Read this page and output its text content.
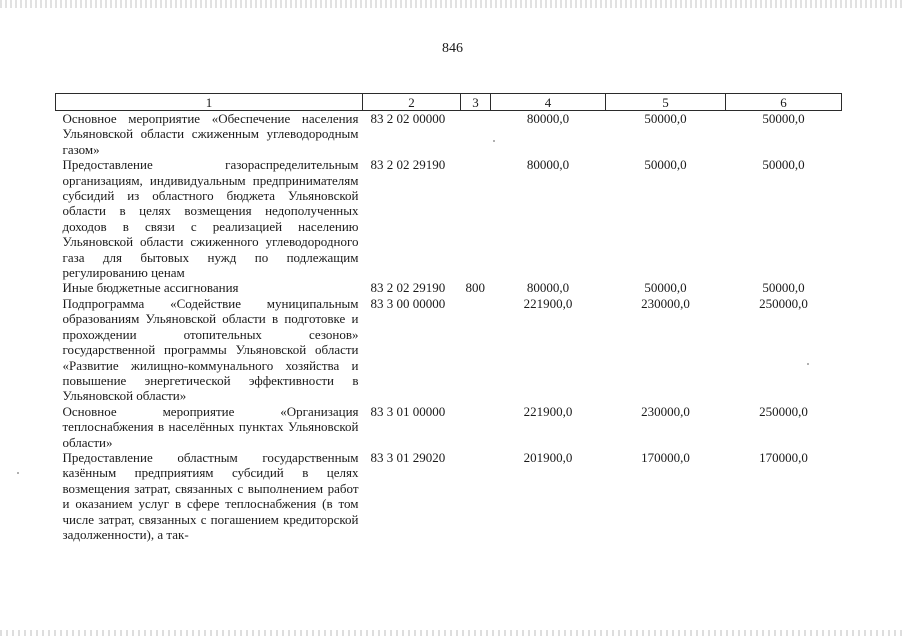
846
1	2	3	4	5	6
Основное мероприятие «Обеспечение населения Ульяновской области сжиженным углеводородным газом»	83 2 02 00000		80000,0	50000,0	50000,0
Предоставление газораспределительным организациям, индивидуальным предпринимателям субсидий из областного бюджета Ульяновской области в целях возмещения недополученных доходов в связи с реализацией населению Ульяновской области сжиженного углеводородного газа для бытовых нужд по подлежащим регулированию ценам	83 2 02 29190		80000,0	50000,0	50000,0
Иные бюджетные ассигнования	83 2 02 29190	800	80000,0	50000,0	50000,0
Подпрограмма «Содействие муниципальным образованиям Ульяновской области в подготовке и прохождении отопительных сезонов» государственной программы Ульяновской области «Развитие жилищно-коммунального хозяйства и повышение энергетической эффективности в Ульяновской области»	83 3 00 00000		221900,0	230000,0	250000,0
Основное мероприятие «Организация теплоснабжения в населённых пунктах Ульяновской области»	83 3 01 00000		221900,0	230000,0	250000,0
Предоставление областным государственным казённым предприятиям субсидий в целях возмещения затрат, связанных с выполнением работ и оказанием услуг в сфере теплоснабжения (в том числе затрат, связанных с погашением кредиторской задолженности), а так-	83 3 01 29020		201900,0	170000,0	170000,0
